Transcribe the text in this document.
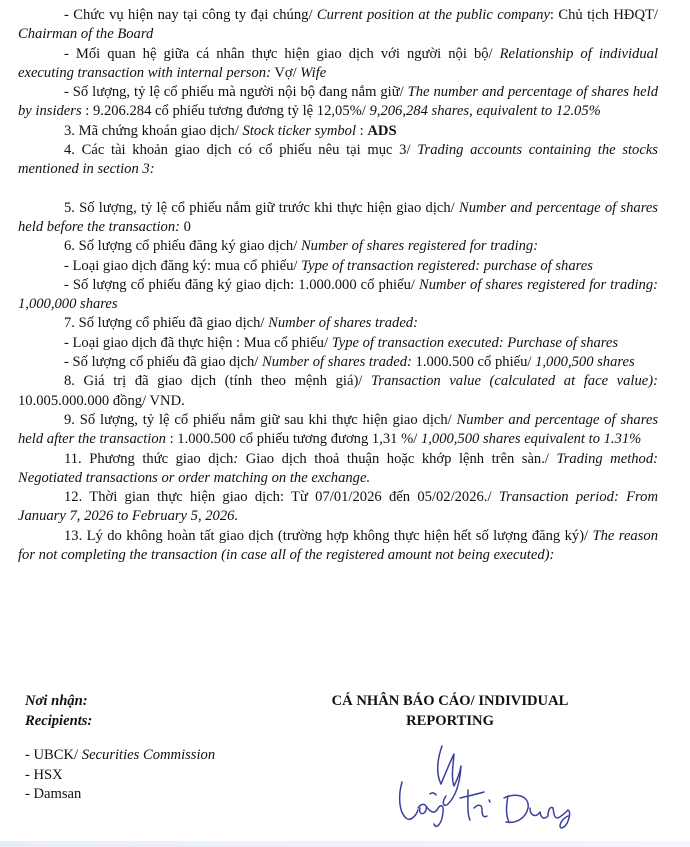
- Chức vụ hiện nay tại công ty đại chúng/ Current position at the public company: Chủ tịch HĐQT/ Chairman of the Board

- Mối quan hệ giữa cá nhân thực hiện giao dịch với người nội bộ/ Relationship of individual executing transaction with internal person: Vợ/ Wife

- Số lượng, tỷ lệ cổ phiếu mà người nội bộ đang nắm giữ/ The number and percentage of shares held by insiders : 9.206.284 cổ phiếu tương đương tỷ lệ 12,05%/ 9,206,284 shares, equivalent to 12.05%

3. Mã chứng khoán giao dịch/ Stock ticker symbol : ADS

4. Các tài khoản giao dịch có cổ phiếu nêu tại mục 3/ Trading accounts containing the stocks mentioned in section 3:

5. Số lượng, tỷ lệ cổ phiếu nắm giữ trước khi thực hiện giao dịch/ Number and percentage of shares held before the transaction: 0

6. Số lượng cổ phiếu đăng ký giao dịch/ Number of shares registered for trading:

- Loại giao dịch đăng ký: mua cổ phiếu/ Type of transaction registered: purchase of shares

- Số lượng cổ phiếu đăng ký giao dịch: 1.000.000 cổ phiếu/ Number of shares registered for trading: 1,000,000 shares

7. Số lượng cổ phiếu đã giao dịch/ Number of shares traded:

- Loại giao dịch đã thực hiện : Mua cổ phiếu/ Type of transaction executed: Purchase of shares

- Số lượng cổ phiếu đã giao dịch/ Number of shares traded: 1.000.500 cổ phiếu/ 1,000,500 shares

8. Giá trị đã giao dịch (tính theo mệnh giá)/ Transaction value (calculated at face value): 10.005.000.000 đồng/ VND.

9. Số lượng, tỷ lệ cổ phiếu nắm giữ sau khi thực hiện giao dịch/ Number and percentage of shares held after the transaction : 1.000.500 cổ phiếu tương đương 1,31 %/ 1,000,500 shares equivalent to 1.31%

11. Phương thức giao dịch: Giao dịch thoả thuận hoặc khớp lệnh trên sàn./ Trading method: Negotiated transactions or order matching on the exchange.

12. Thời gian thực hiện giao dịch: Từ 07/01/2026 đến 05/02/2026./ Transaction period: From January 7, 2026 to February 5, 2026.

13. Lý do không hoàn tất giao dịch (trường hợp không thực hiện hết số lượng đăng ký)/ The reason for not completing the transaction (in case all of the registered amount not being executed):

Nơi nhận:
Recipients:
- UBCK/ Securities Commission
- HSX
- Damsan
CÁ NHÂN BÁO CÁO/ INDIVIDUAL
REPORTING
